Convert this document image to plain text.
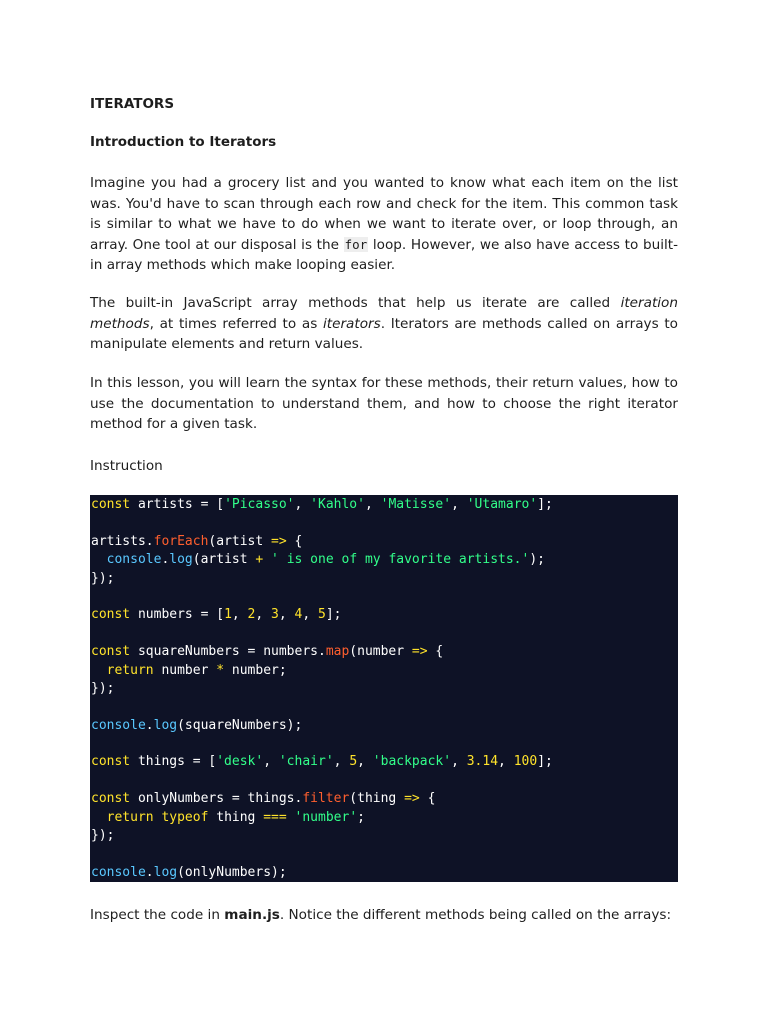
ITERATORS
Introduction to Iterators

Imagine you had a grocery list and you wanted to know what each item on the list was. You'd have to scan through each row and check for the item. This common task is similar to what we have to do when we want to iterate over, or loop through, an array. One tool at our disposal is the for loop. However, we also have access to built-in array methods which make looping easier.

The built-in JavaScript array methods that help us iterate are called iteration methods, at times referred to as iterators. Iterators are methods called on arrays to manipulate elements and return values.

In this lesson, you will learn the syntax for these methods, their return values, how to use the documentation to understand them, and how to choose the right iterator method for a given task.

Instruction

const artists = ['Picasso', 'Kahlo', 'Matisse', 'Utamaro'];

artists.forEach(artist => {
console.log(artist + ' is one of my favorite artists.');
});

const numbers = [1, 2, 3, 4, 5];

const squareNumbers = numbers.map(number => {
return number * number;
});

console.log(squareNumbers);

const things = ['desk', 'chair', 5, 'backpack', 3.14, 100];

const onlyNumbers = things.filter(thing => {
return typeof thing === 'number';
});

console.log(onlyNumbers);

Inspect the code in main.js. Notice the different methods being called on the arrays:
